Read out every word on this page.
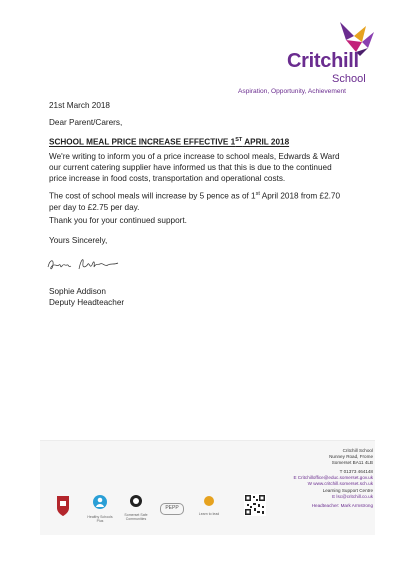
Critchill
School
Aspiration, Opportunity, Achievement
21st March 2018
Dear Parent/Carers,
SCHOOL MEAL PRICE INCREASE EFFECTIVE 1ST APRIL 2018
We're writing to inform you of a price increase to school meals, Edwards & Ward our current catering supplier have informed us that this is due to the continued price increase in food costs, transportation and operational costs.
The cost of school meals will increase by 5 pence as of 1st April 2018 from £2.70 per day to £2.75 per day.
Thank you for your continued support.
Yours Sincerely,
Sophie Addison
Deputy Headteacher
Critchill School
Nunney Road, Frome
Somerset BA11 4LB
T 01373 464148
E Critchilloffice@educ.somerset.gov.uk
W www.critchill.somerset.sch.uk
Learning Support Centre
E lsc@critchill.co.uk
Headteacher: Mark Armstrong
Healthy Schools Plus
Somerset Safe Communities
PEPP
Learn to lead
